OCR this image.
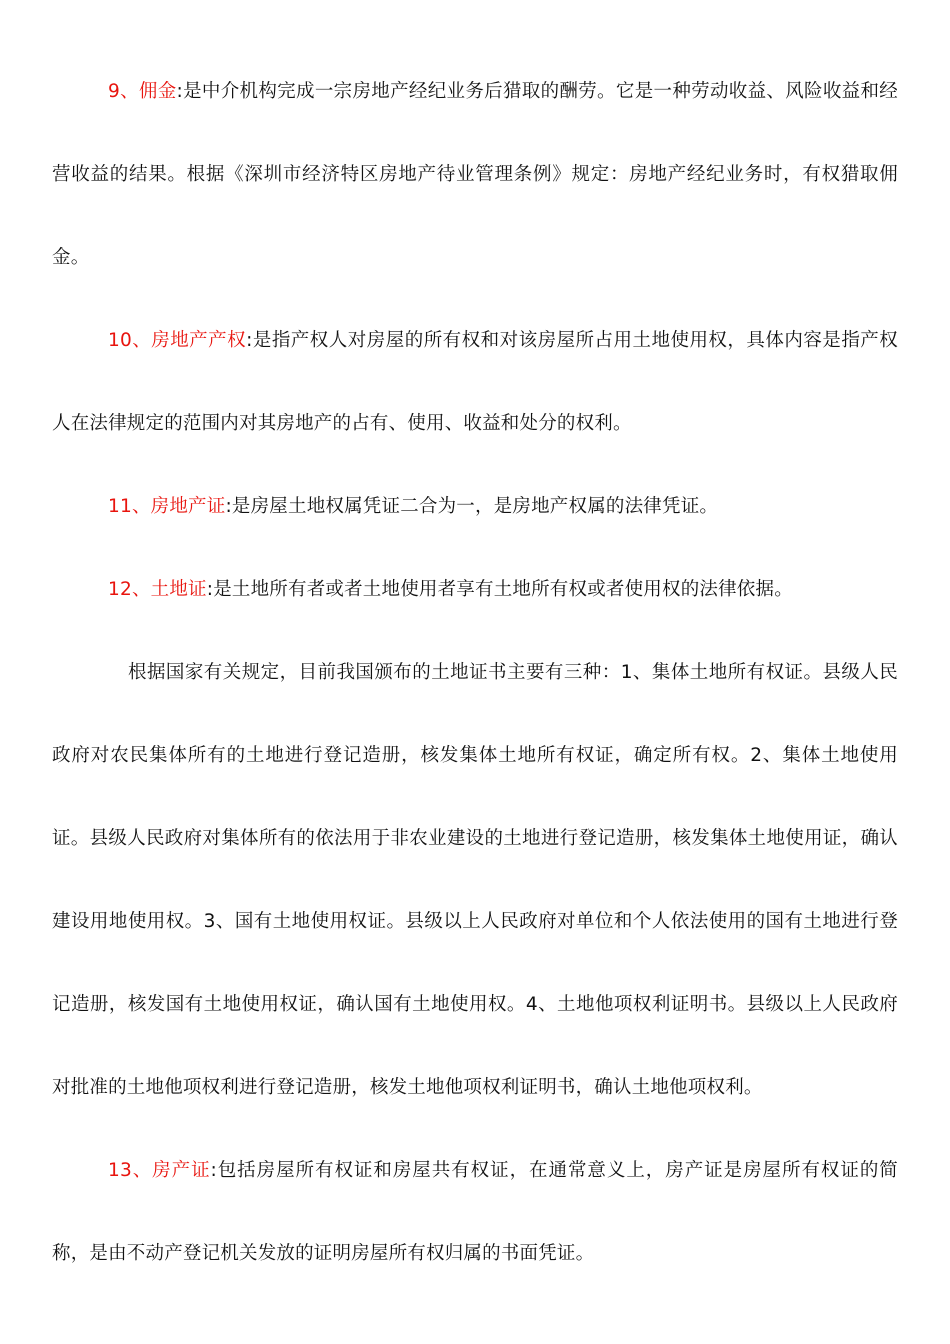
9、佣金:是中介机构完成一宗房地产经纪业务后猎取的酬劳。它是一种劳动收益、风险收益和经营收益的结果。根据《深圳市经济特区房地产待业管理条例》规定：房地产经纪业务时，有权猎取佣金。

10、房地产产权:是指产权人对房屋的所有权和对该房屋所占用土地使用权，具体内容是指产权人在法律规定的范围内对其房地产的占有、使用、收益和处分的权利。

11、房地产证:是房屋土地权属凭证二合为一，是房地产权属的法律凭证。

12、土地证:是土地所有者或者土地使用者享有土地所有权或者使用权的法律依据。

根据国家有关规定，目前我国颁布的土地证书主要有三种：1、集体土地所有权证。县级人民政府对农民集体所有的土地进行登记造册，核发集体土地所有权证，确定所有权。2、集体土地使用证。县级人民政府对集体所有的依法用于非农业建设的土地进行登记造册，核发集体土地使用证，确认建设用地使用权。3、国有土地使用权证。县级以上人民政府对单位和个人依法使用的国有土地进行登记造册，核发国有土地使用权证，确认国有土地使用权。4、土地他项权利证明书。县级以上人民政府对批准的土地他项权利进行登记造册，核发土地他项权利证明书，确认土地他项权利。

13、房产证:包括房屋所有权证和房屋共有权证，在通常意义上，房产证是房屋所有权证的简称，是由不动产登记机关发放的证明房屋所有权归属的书面凭证。
